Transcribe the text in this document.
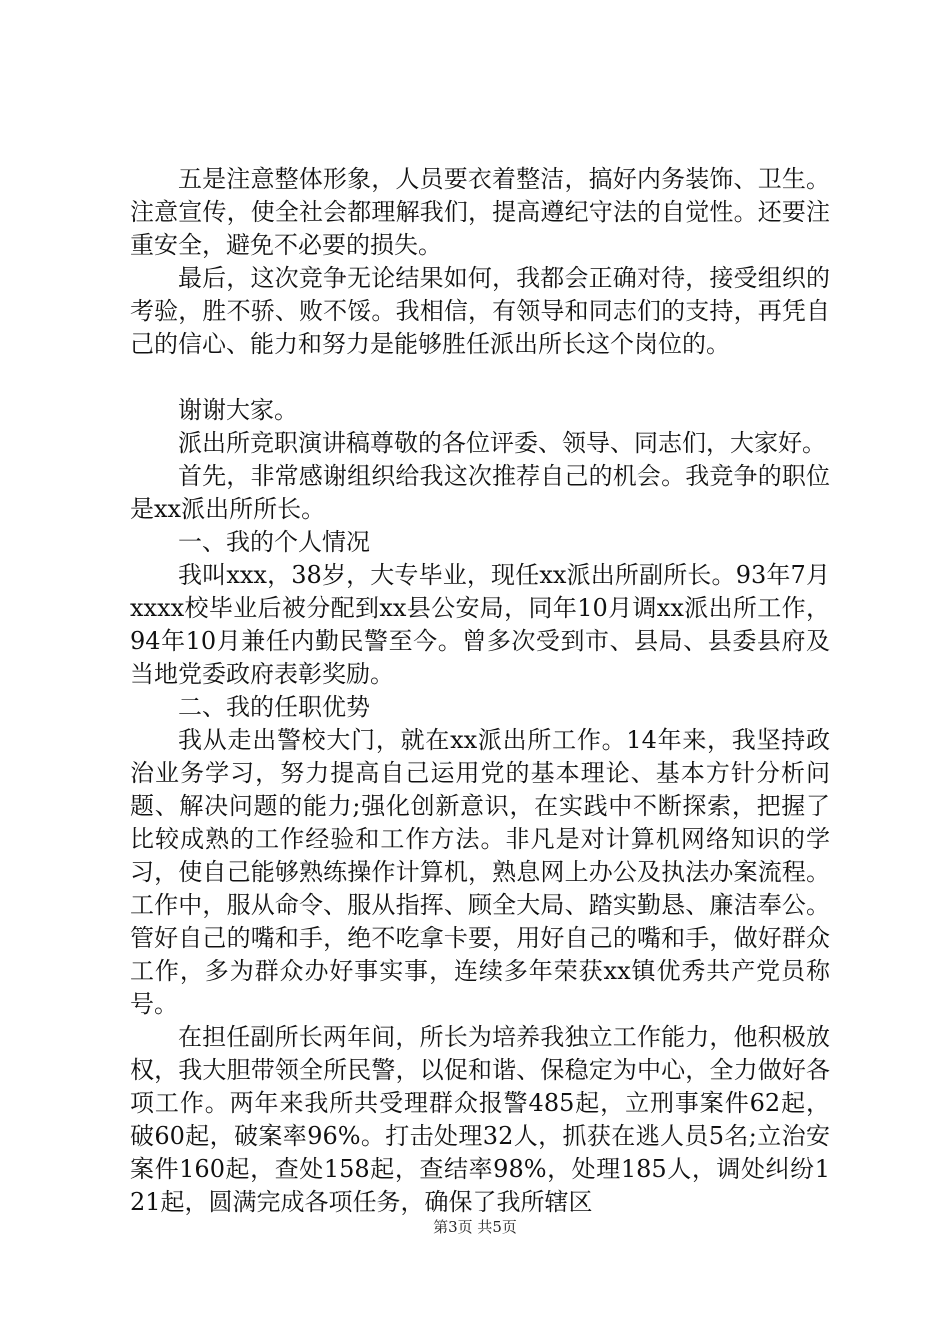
五是注意整体形象，人员要衣着整洁，搞好内务装饰、卫生。注意宣传，使全社会都理解我们，提高遵纪守法的自觉性。还要注重安全，避免不必要的损失。

最后，这次竞争无论结果如何，我都会正确对待，接受组织的考验，胜不骄、败不馁。我相信，有领导和同志们的支持，再凭自己的信心、能力和努力是能够胜任派出所长这个岗位的。

谢谢大家。

派出所竞职演讲稿尊敬的各位评委、领导、同志们，大家好。

首先，非常感谢组织给我这次推荐自己的机会。我竞争的职位是xx派出所所长。

一、我的个人情况

我叫xxx，38岁，大专毕业，现任xx派出所副所长。93年7月xxxx校毕业后被分配到xx县公安局，同年10月调xx派出所工作，94年10月兼任内勤民警至今。曾多次受到市、县局、县委县府及当地党委政府表彰奖励。

二、我的任职优势

我从走出警校大门，就在xx派出所工作。14年来，我坚持政治业务学习，努力提高自己运用党的基本理论、基本方针分析问题、解决问题的能力;强化创新意识，在实践中不断探索，把握了比较成熟的工作经验和工作方法。非凡是对计算机网络知识的学习，使自己能够熟练操作计算机，熟息网上办公及执法办案流程。工作中，服从命令、服从指挥、顾全大局、踏实勤恳、廉洁奉公。管好自己的嘴和手，绝不吃拿卡要，用好自己的嘴和手，做好群众工作，多为群众办好事实事，连续多年荣获xx镇优秀共产党员称号。

在担任副所长两年间，所长为培养我独立工作能力，他积极放权，我大胆带领全所民警，以促和谐、保稳定为中心，全力做好各项工作。两年来我所共受理群众报警485起，立刑事案件62起，破60起，破案率96%。打击处理32人，抓获在逃人员5名;立治安案件160起，查处158起，查结率98%，处理185人，调处纠纷121起，圆满完成各项任务，确保了我所辖区

第3页 共5页
